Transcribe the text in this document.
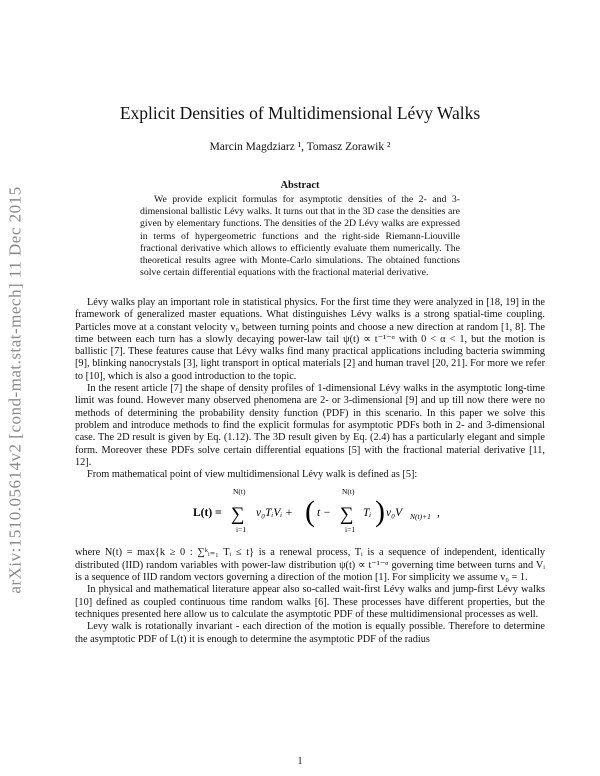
arXiv:1510.05614v2 [cond-mat.stat-mech] 11 Dec 2015
Explicit Densities of Multidimensional Lévy Walks
Marcin Magdziarz ¹, Tomasz Zorawik ²
Abstract
We provide explicit formulas for asymptotic densities of the 2- and 3-dimensional ballistic Lévy walks. It turns out that in the 3D case the densities are given by elementary functions. The densities of the 2D Lévy walks are expressed in terms of hypergeometric functions and the right-side Riemann-Liouville fractional derivative which allows to efficiently evaluate them numerically. The theoretical results agree with Monte-Carlo simulations. The obtained functions solve certain differential equations with the fractional material derivative.

Lévy walks play an important role in statistical physics. For the first time they were analyzed in [18, 19] in the framework of generalized master equations. What distinguishes Lévy walks is a strong spatial-time coupling. Particles move at a constant velocity v₀ between turning points and choose a new direction at random [1, 8]. The time between each turn has a slowly decaying power-law tail ψ(t) ∝ t⁻¹⁻ᵅ with 0 < α < 1, but the motion is ballistic [7]. These features cause that Lévy walks find many practical applications including bacteria swimming [9], blinking nanocrystals [3], light transport in optical materials [2] and human travel [20, 21]. For more we refer to [10], which is also a good introduction to the topic.

In the resent article [7] the shape of density profiles of 1-dimensional Lévy walks in the asymptotic long-time limit was found. However many observed phenomena are 2- or 3-dimensional [9] and up till now there were no methods of determining the probability density function (PDF) in this scenario. In this paper we solve this problem and introduce methods to find the explicit formulas for asymptotic PDFs both in 2- and 3-dimensional case. The 2D result is given by Eq. (1.12). The 3D result given by Eq. (2.4) has a particularly elegant and simple form. Moreover these PDFs solve certain differential equations [5] with the fractional material derivative [11, 12].

From mathematical point of view multidimensional Lévy walk is defined as [5]:

L(t) =
N(t)
∑
i=1
v₀TᵢVᵢ + ( t −
N(t)
∑
i=1
Tᵢ ) v₀V N(t)+1 ,

where N(t) = max{k ≥ 0 : ∑ᵏᵢ₌₁ Tᵢ ≤ t} is a renewal process, Tᵢ is a sequence of independent, identically distributed (IID) random variables with power-law distribution ψ(t) ∝ t⁻¹⁻ᵅ governing time between turns and Vᵢ is a sequence of IID random vectors governing a direction of the motion [1]. For simplicity we assume v₀ = 1.

In physical and mathematical literature appear also so-called wait-first Lévy walks and jump-first Lévy walks [10] defined as coupled continuous time random walks [6]. These processes have different properties, but the techniques presented here allow us to calculate the asymptotic PDF of these multidimensional processes as well.

Levy walk is rotationally invariant - each direction of the motion is equally possible. Therefore to determine the asymptotic PDF of L(t) it is enough to determine the asymptotic PDF of the radius

1
